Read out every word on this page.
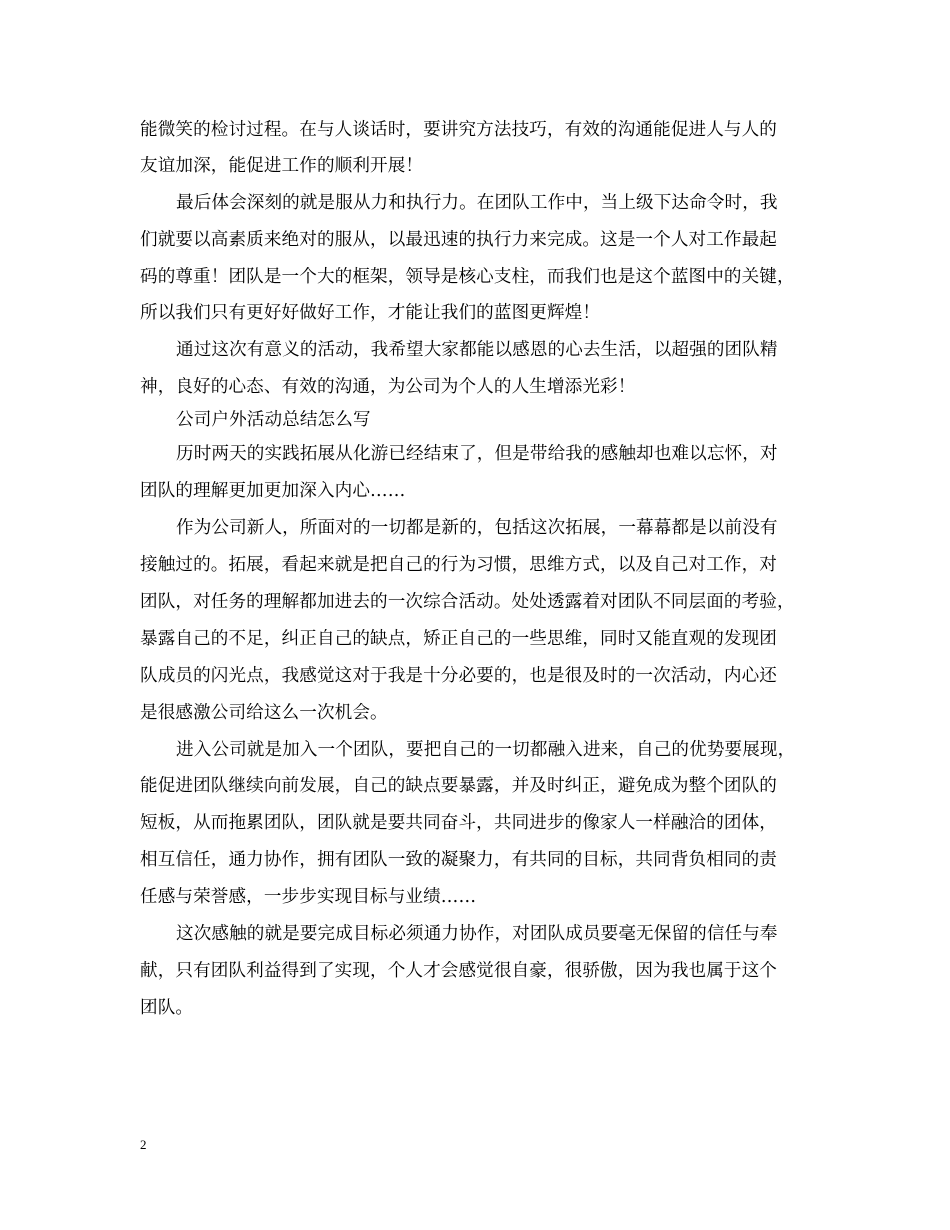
能微笑的检讨过程。在与人谈话时，要讲究方法技巧，有效的沟通能促进人与人的
友谊加深，能促进工作的顺利开展！
最后体会深刻的就是服从力和执行力。在团队工作中，当上级下达命令时，我
们就要以高素质来绝对的服从，以最迅速的执行力来完成。这是一个人对工作最起
码的尊重！团队是一个大的框架，领导是核心支柱，而我们也是这个蓝图中的关键，
所以我们只有更好好做好工作，才能让我们的蓝图更辉煌！
通过这次有意义的活动，我希望大家都能以感恩的心去生活，以超强的团队精
神，良好的心态、有效的沟通，为公司为个人的人生增添光彩！
公司户外活动总结怎么写
历时两天的实践拓展从化游已经结束了，但是带给我的感触却也难以忘怀，对
团队的理解更加更加深入内心……
作为公司新人，所面对的一切都是新的，包括这次拓展，一幕幕都是以前没有
接触过的。拓展，看起来就是把自己的行为习惯，思维方式，以及自己对工作，对
团队，对任务的理解都加进去的一次综合活动。处处透露着对团队不同层面的考验，
暴露自己的不足，纠正自己的缺点，矫正自己的一些思维，同时又能直观的发现团
队成员的闪光点，我感觉这对于我是十分必要的，也是很及时的一次活动，内心还
是很感激公司给这么一次机会。
进入公司就是加入一个团队，要把自己的一切都融入进来，自己的优势要展现，
能促进团队继续向前发展，自己的缺点要暴露，并及时纠正，避免成为整个团队的
短板，从而拖累团队，团队就是要共同奋斗，共同进步的像家人一样融洽的团体，
相互信任，通力协作，拥有团队一致的凝聚力，有共同的目标，共同背负相同的责
任感与荣誉感，一步步实现目标与业绩……
这次感触的就是要完成目标必须通力协作，对团队成员要毫无保留的信任与奉
献，只有团队利益得到了实现，个人才会感觉很自豪，很骄傲，因为我也属于这个
团队。
2
